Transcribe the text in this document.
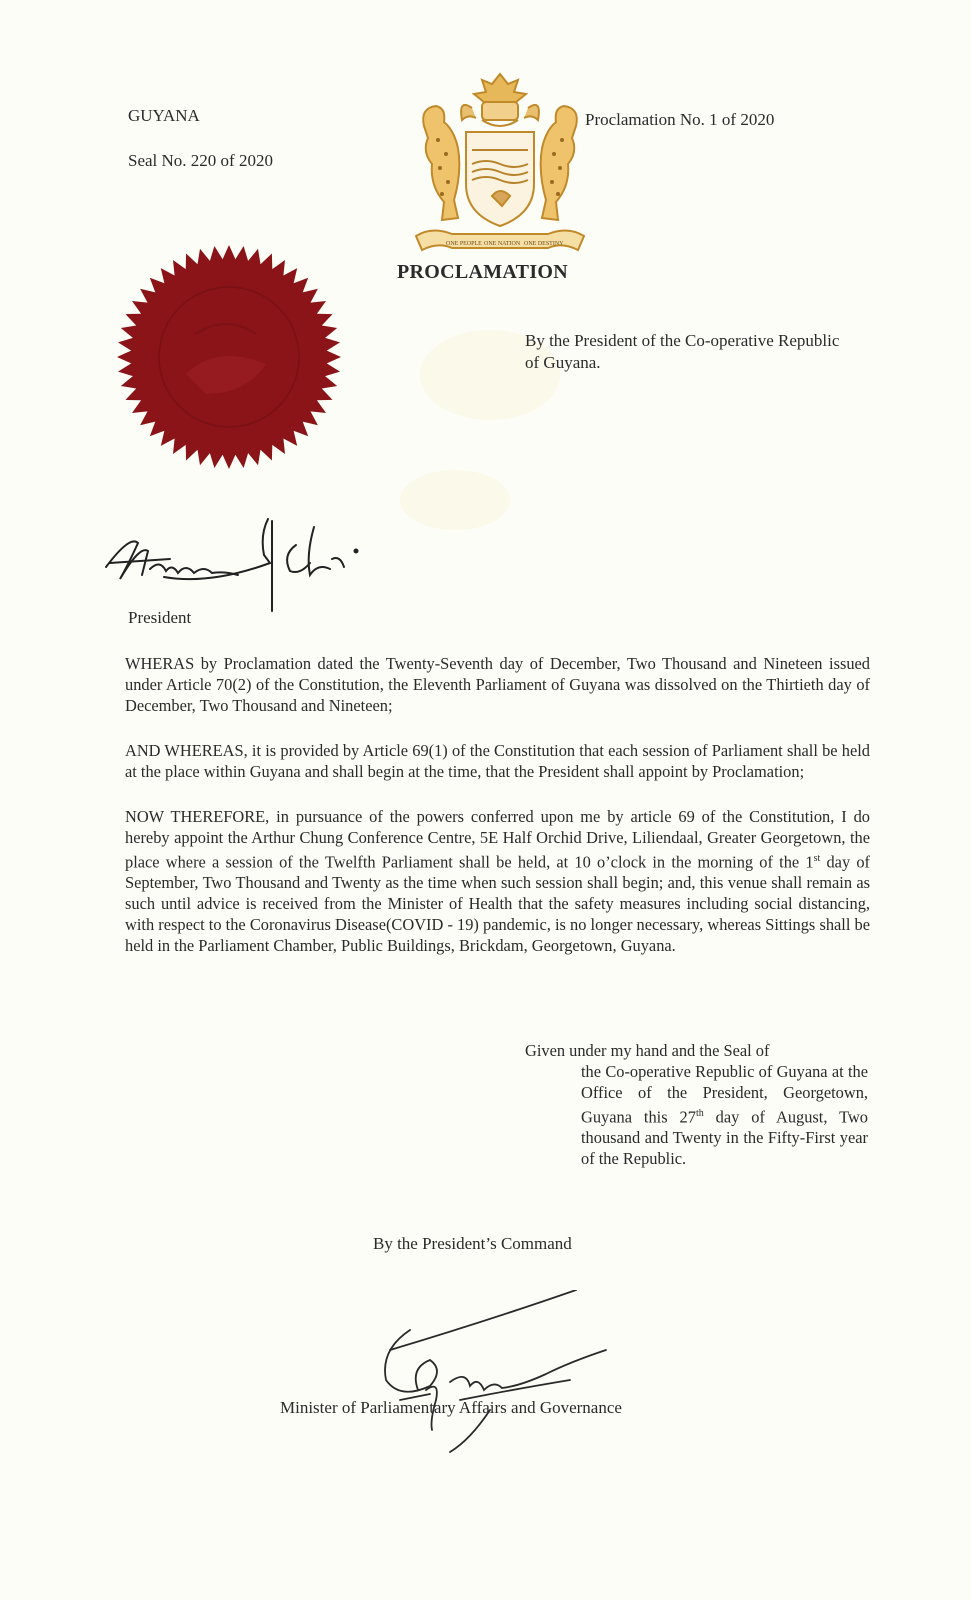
GUYANA
Seal No. 220 of 2020
Proclamation No. 1 of 2020
ONE PEOPLE ONE NATION ONE DESTINY
PROCLAMATION
By the President of the Co-operative Republic of Guyana.
President

WHERAS by Proclamation dated the Twenty-Seventh day of December, Two Thousand and Nineteen issued under Article 70(2) of the Constitution, the Eleventh Parliament of Guyana was dissolved on the Thirtieth day of December, Two Thousand and Nineteen;

AND WHEREAS, it is provided by Article 69(1) of the Constitution that each session of Parliament shall be held at the place within Guyana and shall begin at the time, that the President shall appoint by Proclamation;

NOW THEREFORE, in pursuance of the powers conferred upon me by article 69 of the Constitution, I do hereby appoint the Arthur Chung Conference Centre, 5E Half Orchid Drive, Liliendaal, Greater Georgetown, the place where a session of the Twelfth Parliament shall be held, at 10 o’clock in the morning of the 1st day of September, Two Thousand and Twenty as the time when such session shall begin; and, this venue shall remain as such until advice is received from the Minister of Health that the safety measures including social distancing, with respect to the Coronavirus Disease(COVID - 19) pandemic, is no longer necessary, whereas Sittings shall be held in the Parliament Chamber, Public Buildings, Brickdam, Georgetown, Guyana.

Given under my hand and the Seal of
the Co-operative Republic of Guyana at the Office of the President, Georgetown, Guyana this 27th day of August, Two thousand and Twenty in the Fifty-First year of the Republic.
By the President’s Command
Minister of Parliamentary Affairs and Governance
